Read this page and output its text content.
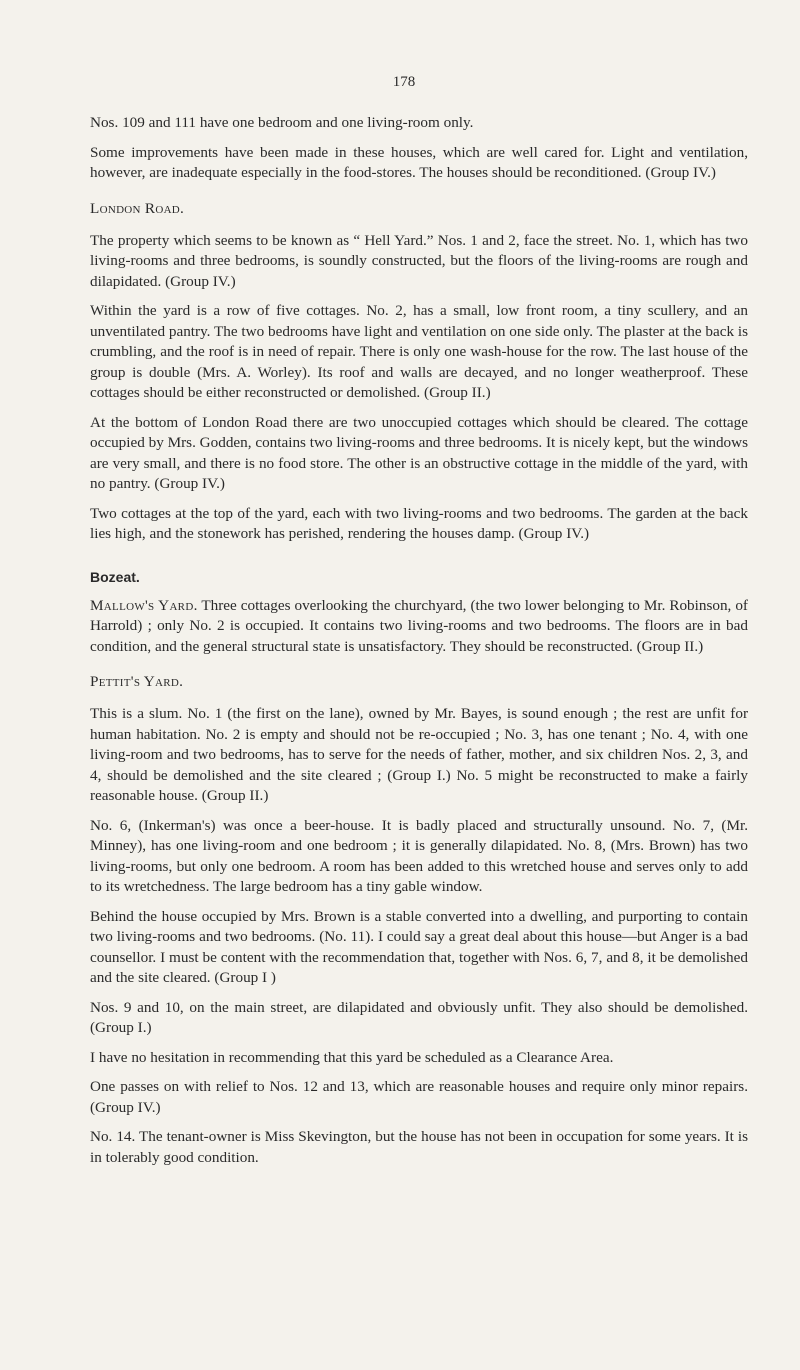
178

Nos. 109 and 111 have one bedroom and one living-room only.

Some improvements have been made in these houses, which are well cared for. Light and ventilation, however, are inadequate especially in the food-stores. The houses should be reconditioned. (Group IV.)

London Road.

The property which seems to be known as “ Hell Yard.” Nos. 1 and 2, face the street. No. 1, which has two living-rooms and three bedrooms, is soundly constructed, but the floors of the living-rooms are rough and dilapidated. (Group IV.)

Within the yard is a row of five cottages. No. 2, has a small, low front room, a tiny scullery, and an unventilated pantry. The two bedrooms have light and ventilation on one side only. The plaster at the back is crumbling, and the roof is in need of repair. There is only one wash-house for the row. The last house of the group is double (Mrs. A. Worley). Its roof and walls are decayed, and no longer weatherproof. These cottages should be either reconstructed or demolished. (Group II.)

At the bottom of London Road there are two unoccupied cottages which should be cleared. The cottage occupied by Mrs. Godden, contains two living-rooms and three bedrooms. It is nicely kept, but the windows are very small, and there is no food store. The other is an obstructive cottage in the middle of the yard, with no pantry. (Group IV.)

Two cottages at the top of the yard, each with two living-rooms and two bedrooms. The garden at the back lies high, and the stonework has perished, rendering the houses damp. (Group IV.)

Bozeat.

Mallow's Yard. Three cottages overlooking the churchyard, (the two lower belonging to Mr. Robinson, of Harrold) ; only No. 2 is occupied. It contains two living-rooms and two bedrooms. The floors are in bad condition, and the general structural state is unsatisfactory. They should be reconstructed. (Group II.)

Pettit's Yard.

This is a slum. No. 1 (the first on the lane), owned by Mr. Bayes, is sound enough ; the rest are unfit for human habitation. No. 2 is empty and should not be re-occupied ; No. 3, has one tenant ; No. 4, with one living-room and two bedrooms, has to serve for the needs of father, mother, and six children Nos. 2, 3, and 4, should be demolished and the site cleared ; (Group I.) No. 5 might be reconstructed to make a fairly reasonable house. (Group II.)

No. 6, (Inkerman's) was once a beer-house. It is badly placed and structurally unsound. No. 7, (Mr. Minney), has one living-room and one bedroom ; it is generally dilapidated. No. 8, (Mrs. Brown) has two living-rooms, but only one bedroom. A room has been added to this wretched house and serves only to add to its wretchedness. The large bedroom has a tiny gable window.

Behind the house occupied by Mrs. Brown is a stable converted into a dwelling, and purporting to contain two living-rooms and two bedrooms. (No. 11). I could say a great deal about this house—but Anger is a bad counsellor. I must be content with the recommendation that, together with Nos. 6, 7, and 8, it be demolished and the site cleared. (Group I )

Nos. 9 and 10, on the main street, are dilapidated and obviously unfit. They also should be demolished. (Group I.)

I have no hesitation in recommending that this yard be scheduled as a Clearance Area.

One passes on with relief to Nos. 12 and 13, which are reasonable houses and require only minor repairs. (Group IV.)

No. 14. The tenant-owner is Miss Skevington, but the house has not been in occupation for some years. It is in tolerably good condition.
